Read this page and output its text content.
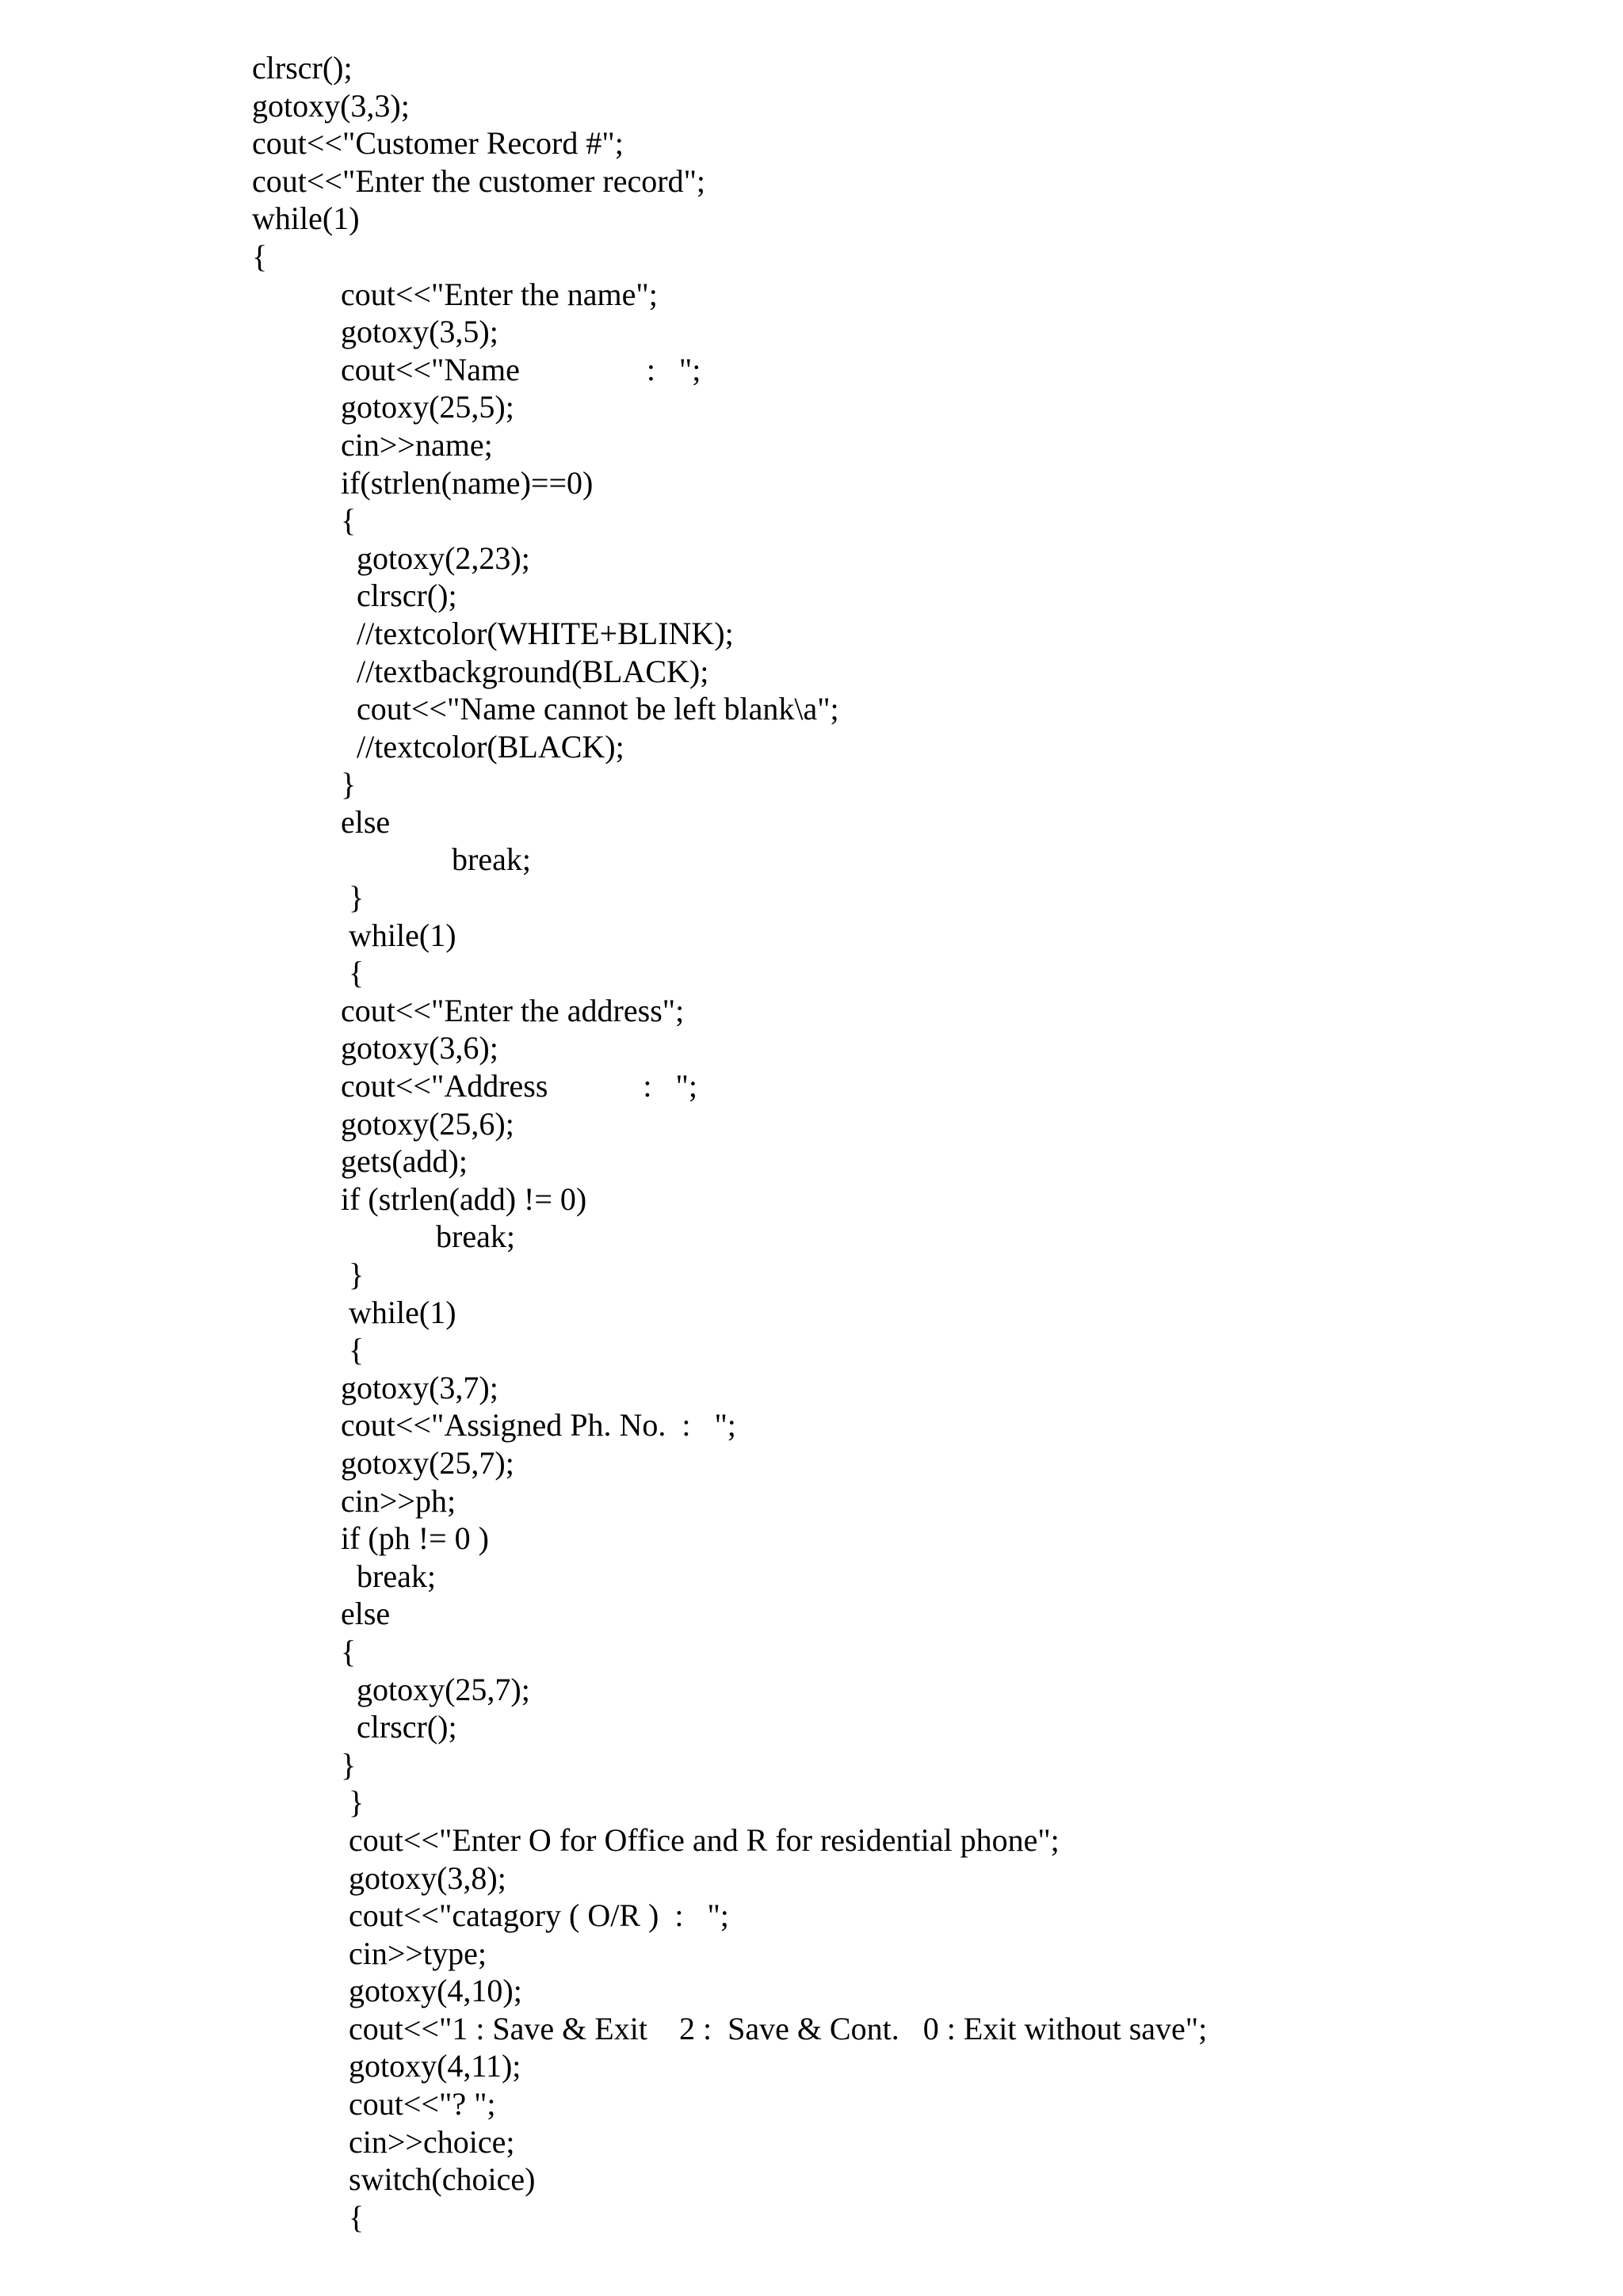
clrscr();
gotoxy(3,3);
cout<<"Customer Record #";
cout<<"Enter the customer record";
while(1)
{
cout<<"Enter the name";
gotoxy(3,5);
cout<<"Name                :   ";
gotoxy(25,5);
cin>>name;
if(strlen(name)==0)
{
gotoxy(2,23);
clrscr();
//textcolor(WHITE+BLINK);
//textbackground(BLACK);
cout<<"Name cannot be left blank\a";
//textcolor(BLACK);
}
else
break;
}
while(1)
{
cout<<"Enter the address";
gotoxy(3,6);
cout<<"Address            :   ";
gotoxy(25,6);
gets(add);
if (strlen(add) != 0)
break;
}
while(1)
{
gotoxy(3,7);
cout<<"Assigned Ph. No.  :   ";
gotoxy(25,7);
cin>>ph;
if (ph != 0 )
break;
else
{
gotoxy(25,7);
clrscr();
}
}
cout<<"Enter O for Office and R for residential phone";
gotoxy(3,8);
cout<<"catagory ( O/R )  :   ";
cin>>type;
gotoxy(4,10);
cout<<"1 : Save & Exit    2 :  Save & Cont.   0 : Exit without save";
gotoxy(4,11);
cout<<"? ";
cin>>choice;
switch(choice)
{
